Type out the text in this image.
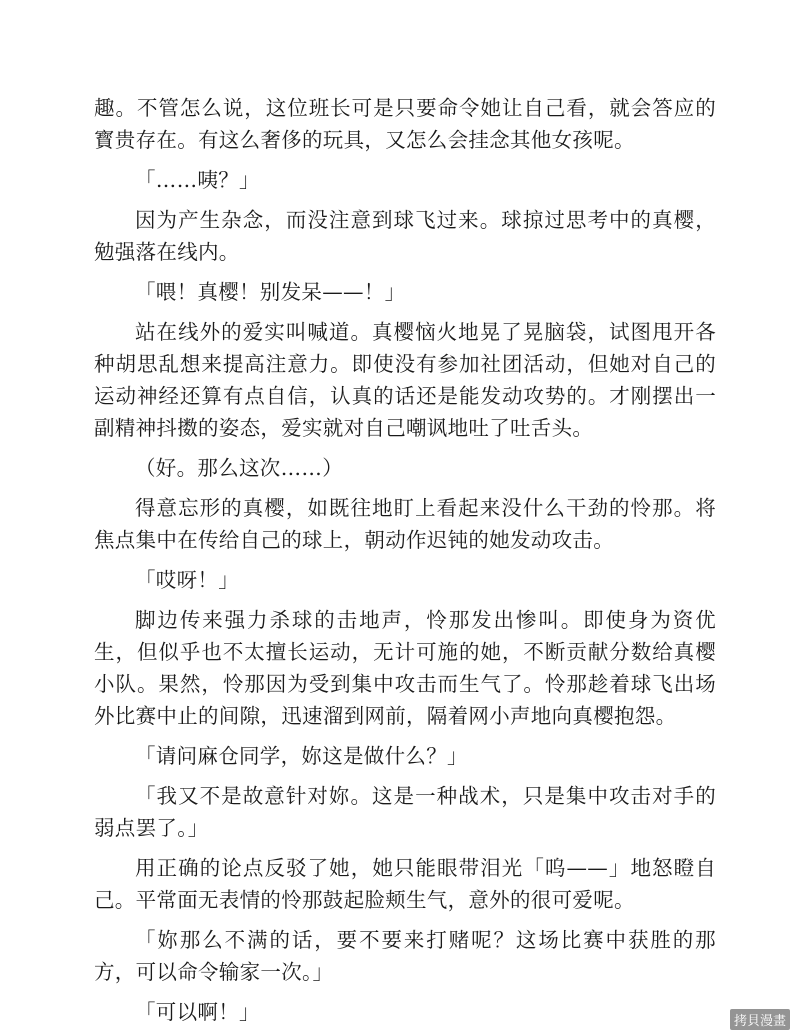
趣。不管怎么说，这位班长可是只要命令她让自己看，就会答应的寳贵存在。有这么奢侈的玩具，又怎么会挂念其他女孩呢。

「……咦？」

因为产生杂念，而没注意到球飞过来。球掠过思考中的真樱，勉强落在线内。

「喂！真樱！别发呆——！」

站在线外的爱实叫喊道。真樱恼火地晃了晃脑袋，试图甩开各种胡思乱想来提高注意力。即使没有参加社团活动，但她对自己的运动神经还算有点自信，认真的话还是能发动攻势的。才刚摆出一副精神抖擞的姿态，爱实就对自己嘲讽地吐了吐舌头。

（好。那么这次……）

得意忘形的真樱，如既往地盯上看起来没什么干劲的怜那。将焦点集中在传给自己的球上，朝动作迟钝的她发动攻击。

「哎呀！」

脚边传来强力杀球的击地声，怜那发出惨叫。即使身为资优生，但似乎也不太擅长运动，无计可施的她，不断贡献分数给真樱小队。果然，怜那因为受到集中攻击而生气了。怜那趁着球飞出场外比赛中止的间隙，迅速溜到网前，隔着网小声地向真樱抱怨。

「请问麻仓同学，妳这是做什么？」

「我又不是故意针对妳。这是一种战术，只是集中攻击对手的弱点罢了。」

用正确的论点反驳了她，她只能眼带泪光「呜——」地怒瞪自己。平常面无表情的怜那鼓起脸颊生气，意外的很可爱呢。

「妳那么不满的话，要不要来打赌呢？这场比赛中获胜的那方，可以命令输家一次。」

「可以啊！」	拷貝漫畫
